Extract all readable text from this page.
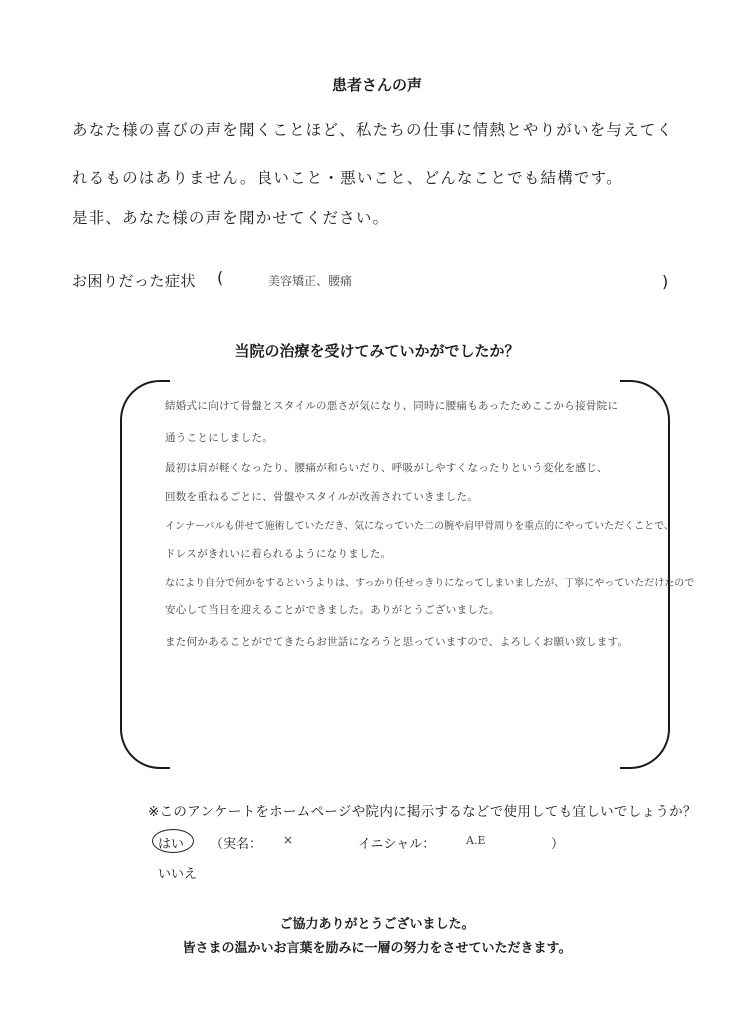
患者さんの声
あなた様の喜びの声を聞くことほど、私たちの仕事に情熱とやりがいを与えてく
れるものはありません。良いこと・悪いこと、どんなことでも結構です。
是非、あなた様の声を聞かせてください。
お困りだった症状 (	美容矯正、腰痛	)
当院の治療を受けてみていかがでしたか？
結婚式に向けて骨盤とスタイルの悪さが気になり、同時に腰痛もあったためここから接骨院に
通うことにしました。
最初は肩が軽くなったり、腰痛が和らいだり、呼吸がしやすくなったりという変化を感じ、
回数を重ねるごとに、骨盤やスタイルが改善されていきました。
インナーバルも併せて施術していただき、気になっていた二の腕や肩甲骨周りを重点的にやっていただくことで、
ドレスがきれいに着られるようになりました。
なにより自分で何かをするというよりは、すっかり任せっきりになってしまいましたが、丁寧にやっていただけたので
安心して当日を迎えることができました。ありがとうございました。
また何かあることがでてきたらお世話になろうと思っていますので、よろしくお願い致します。
※このアンケートをホームページや院内に掲示するなどで使用しても宜しいでしょうか？
はい （実名： ×	イニシャル：	A.E	）
いいえ
ご協力ありがとうございました。
皆さまの温かいお言葉を励みに一層の努力をさせていただきます。
